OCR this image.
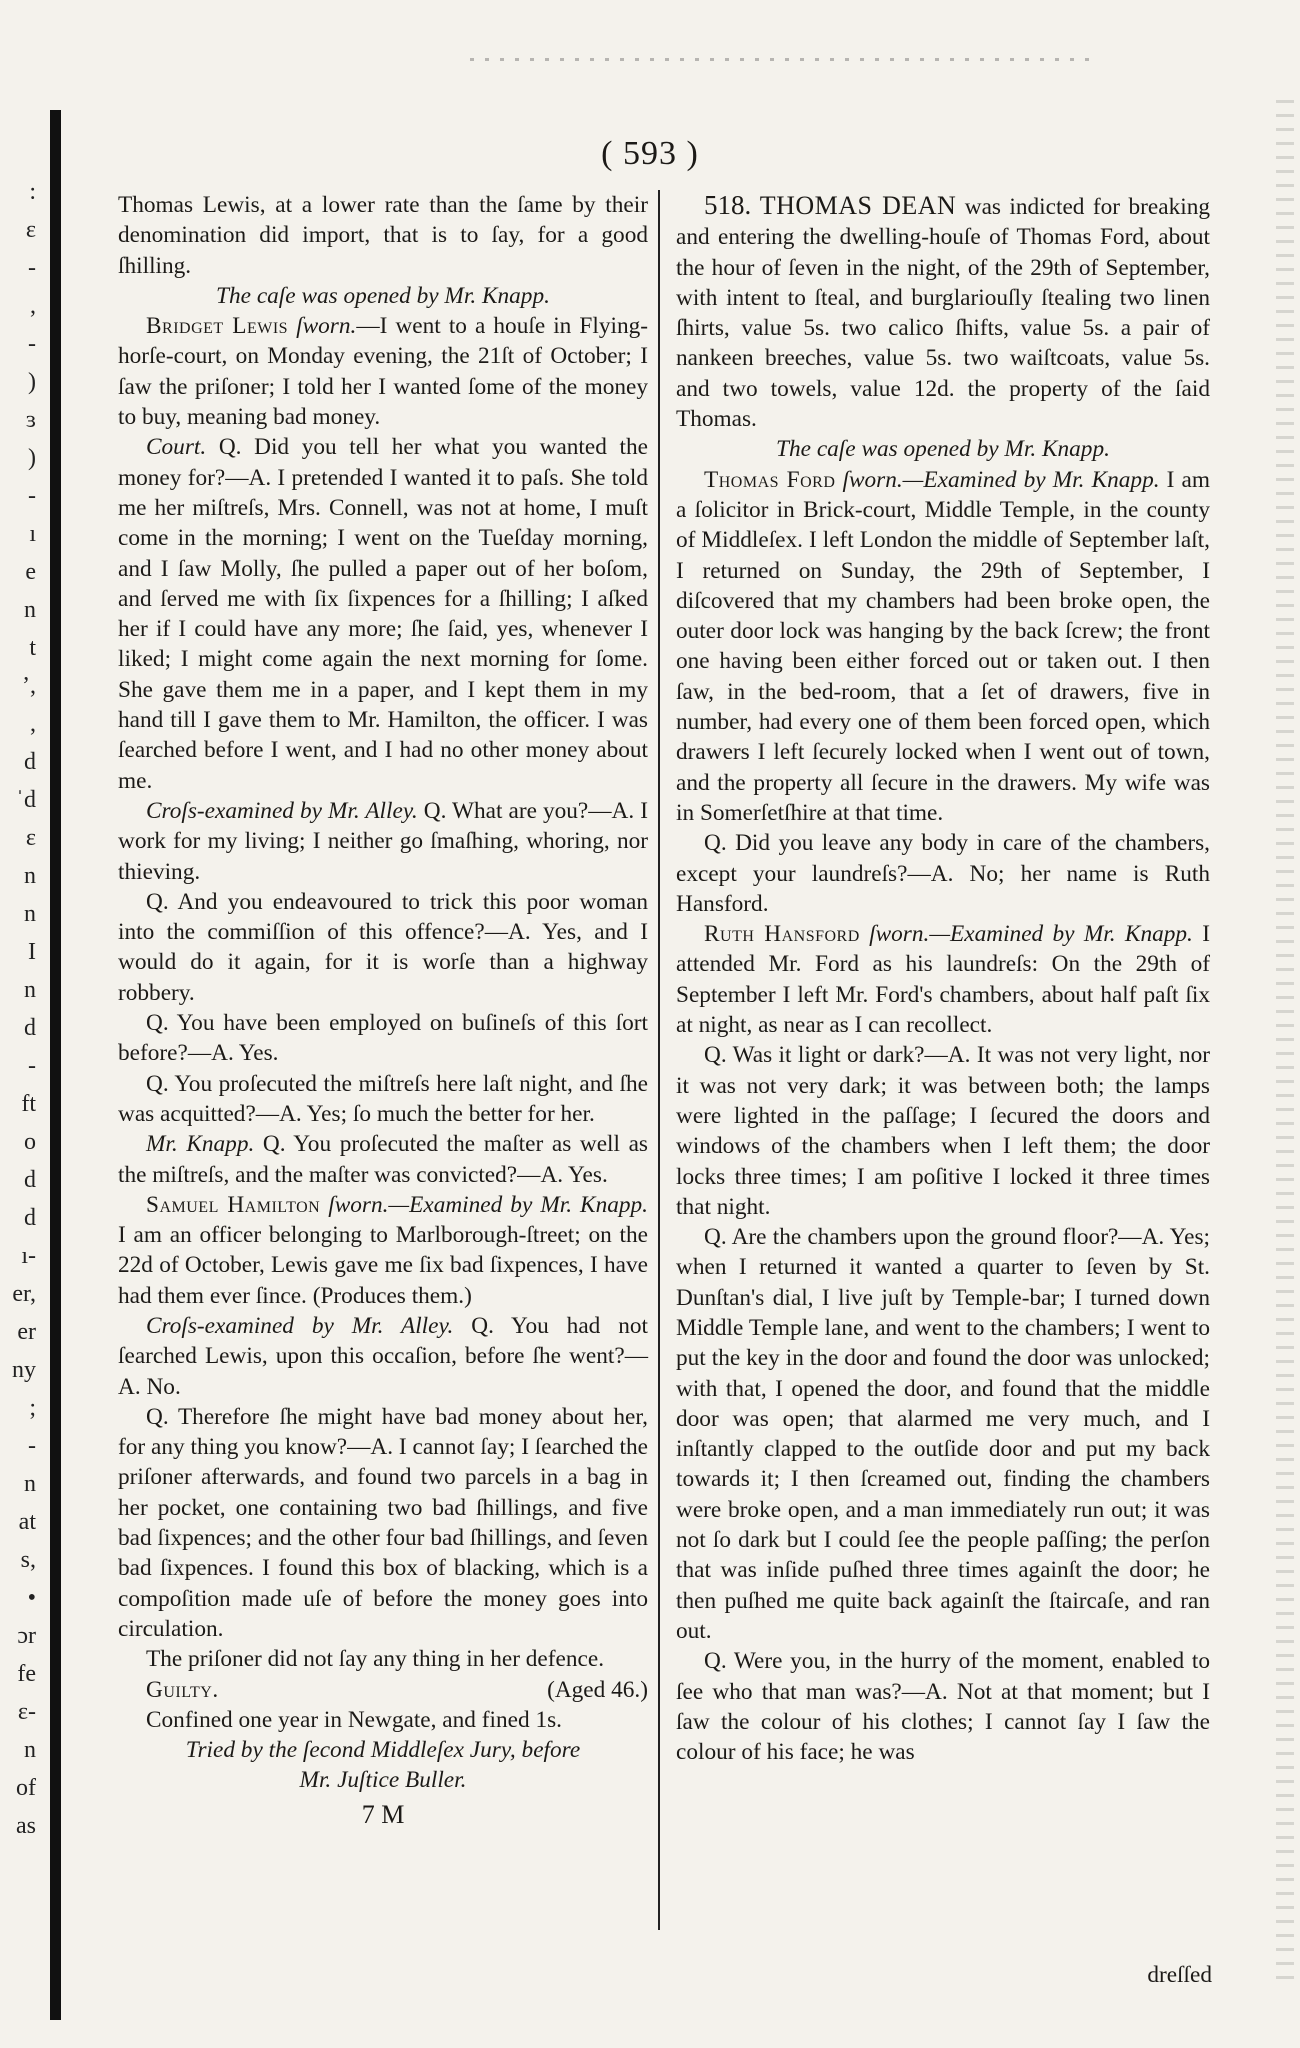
:
ɛ
-
,
-
)
ɜ
)
-
ı
e
n
t
ʼ,
,
d
ˈd
ɛ
n
n
I
n
d
-
ft
o
d
d
ı-
er,
er
ny
;
-
n
at
s,
•
ɔr
fe
ɛ-
n
of
as
( 593 )

Thomas Lewis, at a lower rate than the ſame by their denomination did import, that is to ſay, for a good ſhilling.

The caſe was opened by Mr. Knapp.

Bridget Lewis ſworn.—I went to a houſe in Flying-horſe-court, on Monday evening, the 21ſt of October; I ſaw the priſoner; I told her I wanted ſome of the money to buy, meaning bad money.

Court. Q. Did you tell her what you wanted the money for?—A. I pretended I wanted it to paſs. She told me her miſtreſs, Mrs. Connell, was not at home, I muſt come in the morning; I went on the Tueſday morning, and I ſaw Molly, ſhe pulled a paper out of her boſom, and ſerved me with ſix ſixpences for a ſhilling; I aſked her if I could have any more; ſhe ſaid, yes, whenever I liked; I might come again the next morning for ſome. She gave them me in a paper, and I kept them in my hand till I gave them to Mr. Hamilton, the officer. I was ſearched before I went, and I had no other money about me.

Croſs-examined by Mr. Alley. Q. What are you?—A. I work for my living; I neither go ſmaſhing, whoring, nor thieving.

Q. And you endeavoured to trick this poor woman into the commiſſion of this offence?—A. Yes, and I would do it again, for it is worſe than a highway robbery.

Q. You have been employed on buſineſs of this ſort before?—A. Yes.

Q. You proſecuted the miſtreſs here laſt night, and ſhe was acquitted?—A. Yes; ſo much the better for her.

Mr. Knapp. Q. You proſecuted the maſter as well as the miſtreſs, and the maſter was convicted?—A. Yes.

Samuel Hamilton ſworn.—Examined by Mr. Knapp. I am an officer belonging to Marlborough-ſtreet; on the 22d of October, Lewis gave me ſix bad ſixpences, I have had them ever ſince. (Produces them.)

Croſs-examined by Mr. Alley. Q. You had not ſearched Lewis, upon this occaſion, before ſhe went?—A. No.

Q. Therefore ſhe might have bad money about her, for any thing you know?—A. I cannot ſay; I ſearched the priſoner afterwards, and found two parcels in a bag in her pocket, one containing two bad ſhillings, and five bad ſixpences; and the other four bad ſhillings, and ſeven bad ſixpences. I found this box of blacking, which is a compoſition made uſe of before the money goes into circulation.

The priſoner did not ſay any thing in her defence.

Guilty.	(Aged 46.)

Confined one year in Newgate, and fined 1s.

Tried by the ſecond Middleſex Jury, before

Mr. Juſtice Buller.

7 M

518. THOMAS DEAN was indicted for breaking and entering the dwelling-houſe of Thomas Ford, about the hour of ſeven in the night, of the 29th of September, with intent to ſteal, and burglariouſly ſtealing two linen ſhirts, value 5s. two calico ſhifts, value 5s. a pair of nankeen breeches, value 5s. two waiſtcoats, value 5s. and two towels, value 12d. the property of the ſaid Thomas.

The caſe was opened by Mr. Knapp.

Thomas Ford ſworn.—Examined by Mr. Knapp. I am a ſolicitor in Brick-court, Middle Temple, in the county of Middleſex. I left London the middle of September laſt, I returned on Sunday, the 29th of September, I diſcovered that my chambers had been broke open, the outer door lock was hanging by the back ſcrew; the front one having been either forced out or taken out. I then ſaw, in the bed-room, that a ſet of drawers, five in number, had every one of them been forced open, which drawers I left ſecurely locked when I went out of town, and the property all ſecure in the drawers. My wife was in Somerſetſhire at that time.

Q. Did you leave any body in care of the chambers, except your laundreſs?—A. No; her name is Ruth Hansford.

Ruth Hansford ſworn.—Examined by Mr. Knapp. I attended Mr. Ford as his laundreſs: On the 29th of September I left Mr. Ford's chambers, about half paſt ſix at night, as near as I can recollect.

Q. Was it light or dark?—A. It was not very light, nor it was not very dark; it was between both; the lamps were lighted in the paſſage; I ſecured the doors and windows of the chambers when I left them; the door locks three times; I am poſitive I locked it three times that night.

Q. Are the chambers upon the ground floor?—A. Yes; when I returned it wanted a quarter to ſeven by St. Dunſtan's dial, I live juſt by Temple-bar; I turned down Middle Temple lane, and went to the chambers; I went to put the key in the door and found the door was unlocked; with that, I opened the door, and found that the middle door was open; that alarmed me very much, and I inſtantly clapped to the outſide door and put my back towards it; I then ſcreamed out, finding the chambers were broke open, and a man immediately run out; it was not ſo dark but I could ſee the people paſſing; the perſon that was inſide puſhed three times againſt the door; he then puſhed me quite back againſt the ſtaircaſe, and ran out.

Q. Were you, in the hurry of the moment, enabled to ſee who that man was?—A. Not at that moment; but I ſaw the colour of his clothes; I cannot ſay I ſaw the colour of his face; he was

dreſſed
